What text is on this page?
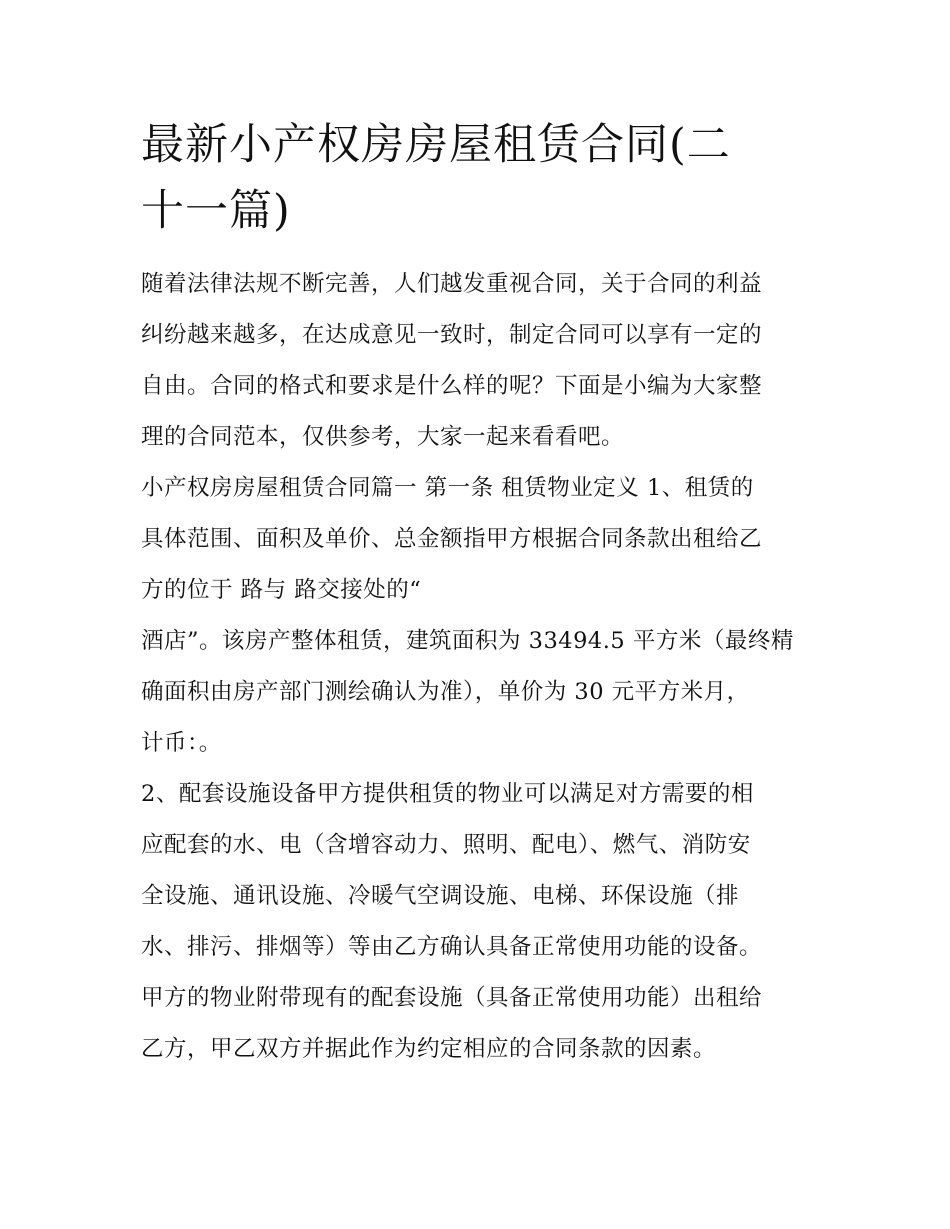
最新小产权房房屋租赁合同(二
十一篇)
随着法律法规不断完善，人们越发重视合同，关于合同的利益
纠纷越来越多，在达成意见一致时，制定合同可以享有一定的
自由。合同的格式和要求是什么样的呢？下面是小编为大家整
理的合同范本，仅供参考，大家一起来看看吧。
小产权房房屋租赁合同篇一 第一条 租赁物业定义 1、租赁的
具体范围、面积及单价、总金额指甲方根据合同条款出租给乙
方的位于 路与 路交接处的“
酒店”。该房产整体租赁，建筑面积为 33494.5 平方米（最终精
确面积由房产部门测绘确认为准），单价为 30 元平方米月，
计币：。
2、配套设施设备甲方提供租赁的物业可以满足对方需要的相
应配套的水、电（含增容动力、照明、配电）、燃气、消防安
全设施、通讯设施、冷暖气空调设施、电梯、环保设施（排
水、排污、排烟等）等由乙方确认具备正常使用功能的设备。
甲方的物业附带现有的配套设施（具备正常使用功能）出租给
乙方，甲乙双方并据此作为约定相应的合同条款的因素。
